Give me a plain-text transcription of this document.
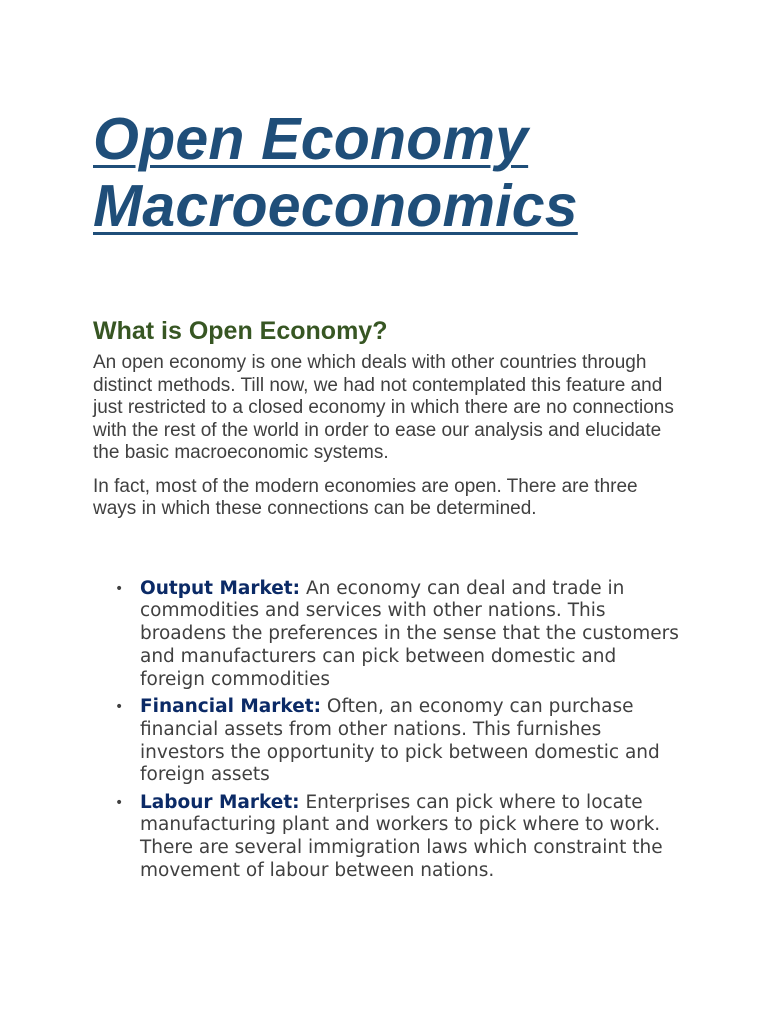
Open Economy
Macroeconomics
What is Open Economy?

An open economy is one which deals with other countries through distinct methods. Till now, we had not contemplated this feature and just restricted to a closed economy in which there are no connections with the rest of the world in order to ease our analysis and elucidate the basic macroeconomic systems.

In fact, most of the modern economies are open. There are three ways in which these connections can be determined.

• Output Market: An economy can deal and trade in commodities and services with other nations. This broadens the preferences in the sense that the customers and manufacturers can pick between domestic and foreign commodities
• Financial Market: Often, an economy can purchase financial assets from other nations. This furnishes investors the opportunity to pick between domestic and foreign assets
• Labour Market: Enterprises can pick where to locate manufacturing plant and workers to pick where to work. There are several immigration laws which constraint the movement of labour between nations.
